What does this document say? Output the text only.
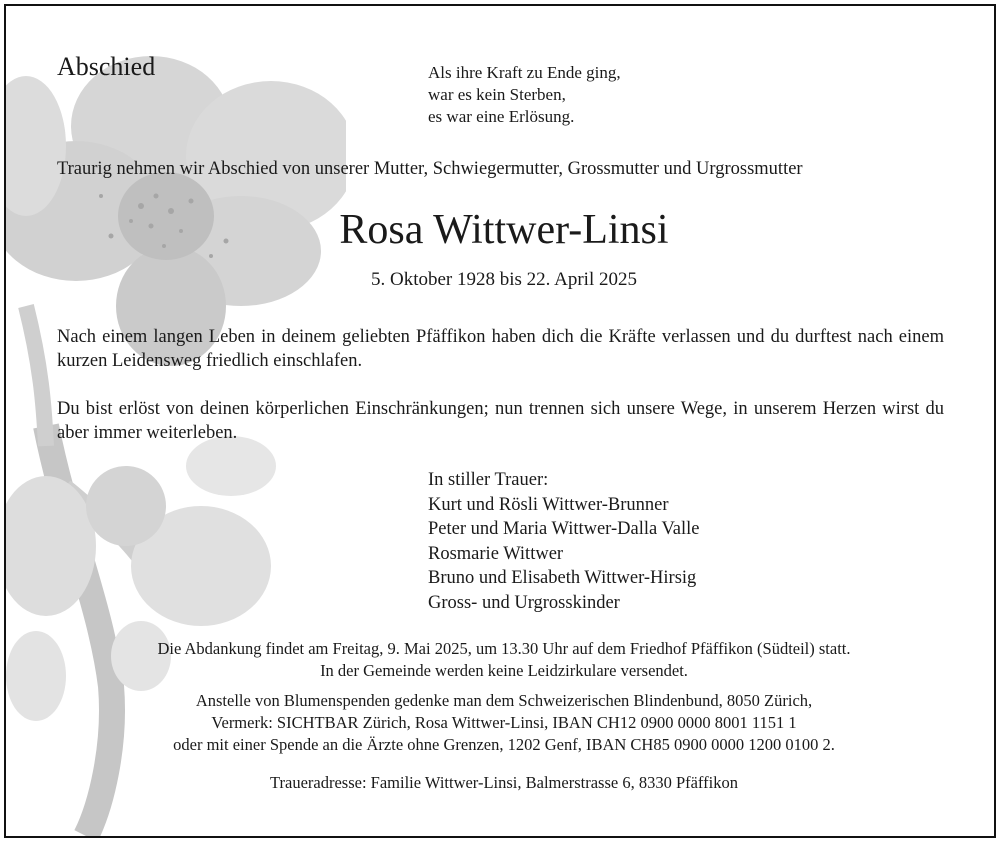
Abschied	Als ihre Kraft zu Ende ging,
war es kein Sterben,
es war eine Erlösung.
Traurig nehmen wir Abschied von unserer Mutter, Schwiegermutter, Grossmutter und Urgrossmutter
Rosa Wittwer-Linsi
5. Oktober 1928 bis 22. April 2025
Nach einem langen Leben in deinem geliebten Pfäffikon haben dich die Kräfte verlassen und du durftest nach einem kurzen Leidensweg friedlich einschlafen.
Du bist erlöst von deinen körperlichen Einschränkungen; nun trennen sich unsere Wege, in unserem Herzen wirst du aber immer weiterleben.
In stiller Trauer:
Kurt und Rösli Wittwer-Brunner
Peter und Maria Wittwer-Dalla Valle
Rosmarie Wittwer
Bruno und Elisabeth Wittwer-Hirsig
Gross- und Urgrosskinder
Die Abdankung findet am Freitag, 9. Mai 2025, um 13.30 Uhr auf dem Friedhof Pfäffikon (Südteil) statt.
In der Gemeinde werden keine Leidzirkulare versendet.
Anstelle von Blumenspenden gedenke man dem Schweizerischen Blindenbund, 8050 Zürich,
Vermerk: SICHTBAR Zürich, Rosa Wittwer-Linsi, IBAN CH12 0900 0000 8001 1151 1
oder mit einer Spende an die Ärzte ohne Grenzen, 1202 Genf, IBAN CH85 0900 0000 1200 0100 2.
Traueradresse: Familie Wittwer-Linsi, Balmerstrasse 6, 8330 Pfäffikon
